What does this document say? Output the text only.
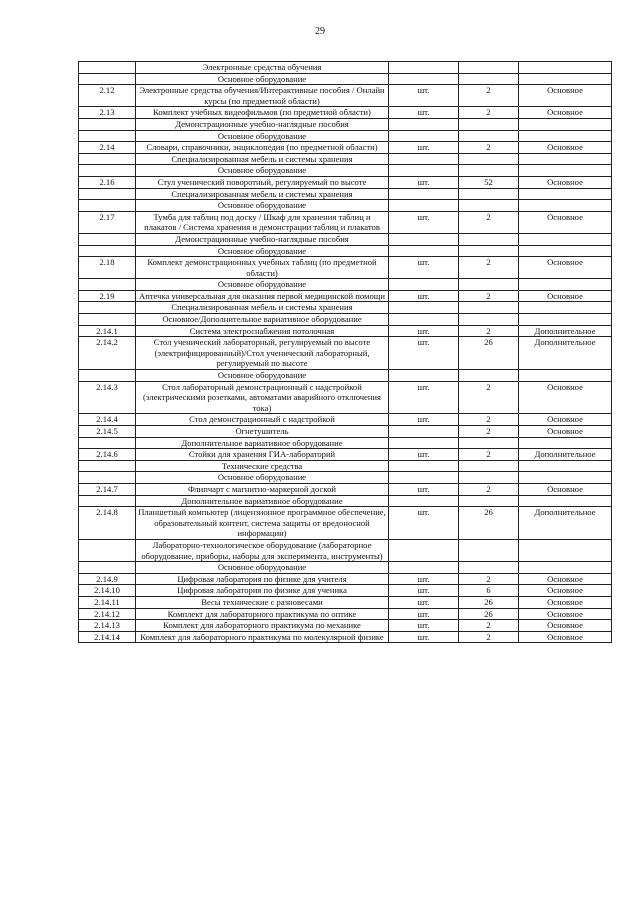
29
	Электронные средства обучения			
	Основное оборудование			
2.12	Электронные средства обучения/Интерактивные пособия / Онлайн курсы (по предметной области)	шт.	2	Основное
2.13	Комплект учебных видеофильмов (по предметной области)	шт.	2	Основное
	Демонстрационные учебно-наглядные пособия			
	Основное оборудование			
2.14	Словари, справочники, энциклопедия (по предметной области)	шт.	2	Основное
	Специализированная мебель и системы хранения			
	Основное оборудование			
2.16	Стул ученический поворотный, регулируемый по высоте	шт.	52	Основное
	Специализированная мебель и системы хранения			
	Основное оборудование			
2.17	Тумба для таблиц под доску / Шкаф для хранения таблиц и плакатов / Система хранения и демонстрации таблиц и плакатов	шт.	2	Основное
	Демонстрационные учебно-наглядные пособия			
	Основное оборудование			
2.18	Комплект демонстрационных учебных таблиц (по предметной области)	шт.	2	Основное
	Основное оборудование			
2.19	Аптечка универсальная для оказания первой медицинской помощи	шт.	2	Основное
	Специализированная мебель и системы хранения			
	Основное/Дополнительное вариативное оборудование			
2.14.1	Система электроснабжения потолочная	шт.	2	Дополнительное
2.14.2	Стол ученический лабораторный, регулируемый по высоте (электрифицированный)/Стол ученический лабораторный, регулируемый по высоте	шт.	26	Дополнительное
	Основное оборудование			
2.14.3	Стол лабораторный демонстрационный с надстройкой (электрическими розетками, автоматами аварийного отключения тока)	шт.	2	Основное
2.14.4	Стол демонстрационный с надстройкой	шт.	2	Основное
2.14.5	Огнетушитель		2	Основное
	Дополнительное вариативное оборудование			
2.14.6	Стойки для хранения ГИА-лабораторий	шт.	2	Дополнительное
	Технические средства			
	Основное оборудование			
2.14.7	Флипчарт с магнитно-маркерной доской	шт.	2	Основное
	Дополнительное вариативное оборудование			
2.14.8	Планшетный компьютер (лицензионное программное обеспечение, образовательный контент, система защиты от вредоносной информации)	шт.	26	Дополнительное
	Лабораторно-технологическое оборудование (лабораторное оборудование, приборы, наборы для эксперимента, инструменты)			
	Основное оборудование			
2.14.9	Цифровая лаборатория по физике для учителя	шт.	2	Основное
2.14.10	Цифровая лаборатория по физике для ученика	шт.	6	Основное
2.14.11	Весы технические с разновесами	шт.	26	Основное
2.14.12	Комплект для лабораторного практикума по оптике	шт.	26	Основное
2.14.13	Комплект для лабораторного практикума по механике	шт.	2	Основное
2.14.14	Комплект для лабораторного практикума по молекулярной физике	шт.	2	Основное
